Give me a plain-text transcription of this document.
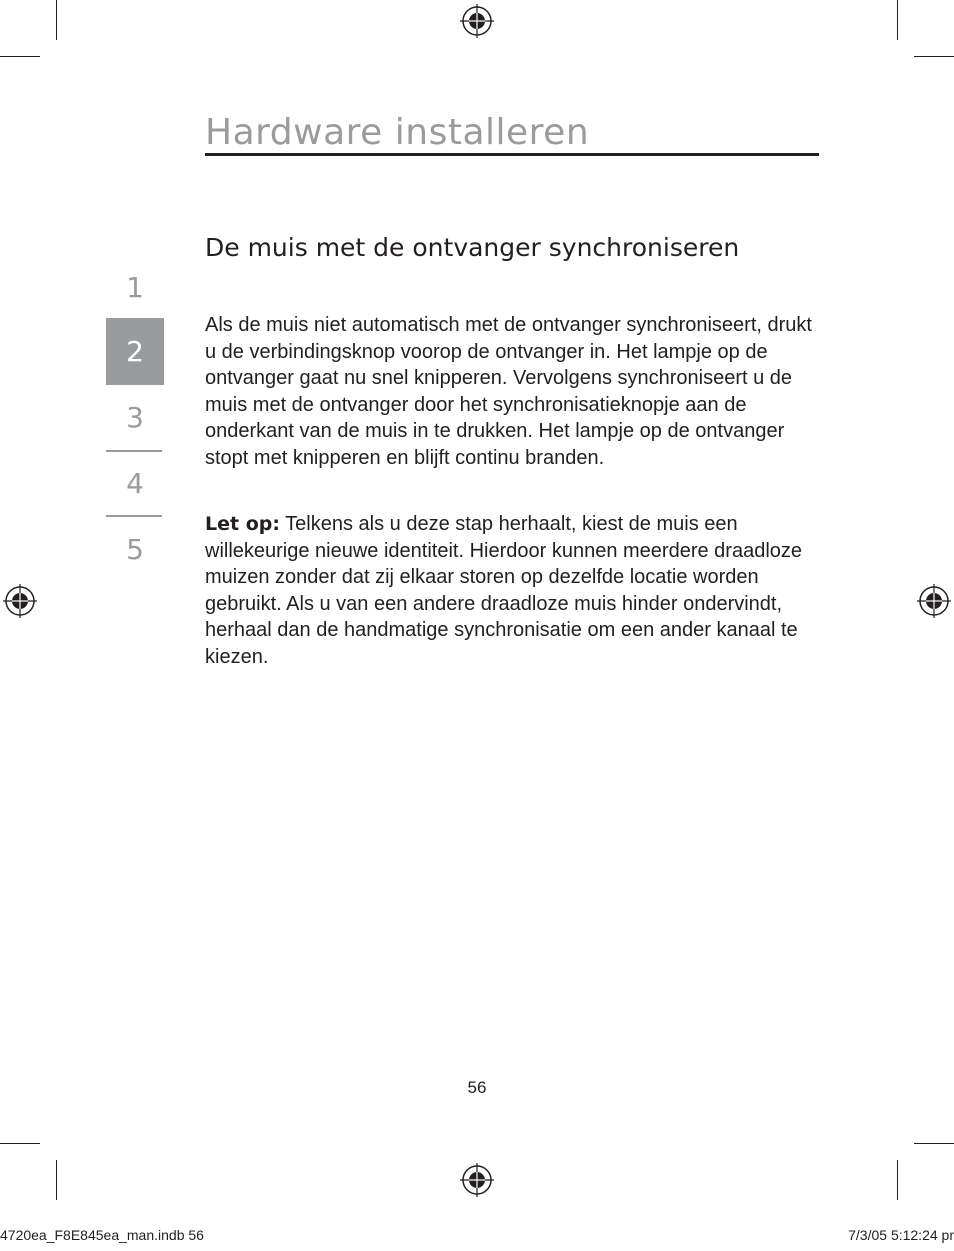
Hardware installeren
1
2
3
4
5
De muis met de ontvanger synchroniseren
Als de muis niet automatisch met de ontvanger synchroniseert, drukt u de verbindingsknop voorop de ontvanger in. Het lampje op de ontvanger gaat nu snel knipperen. Vervolgens synchroniseert u de muis met de ontvanger door het synchronisatieknopje aan de onderkant van de muis in te drukken. Het lampje op de ontvanger stopt met knipperen en blijft continu branden.
Let op: Telkens als u deze stap herhaalt, kiest de muis een willekeurige nieuwe identiteit. Hierdoor kunnen meerdere draadloze muizen zonder dat zij elkaar storen op dezelfde locatie worden gebruikt. Als u van een andere draadloze muis hinder ondervindt, herhaal dan de handmatige synchronisatie om een ander kanaal te kiezen.
56
4720ea_F8E845ea_man.indb 56	7/3/05 5:12:24 pr
